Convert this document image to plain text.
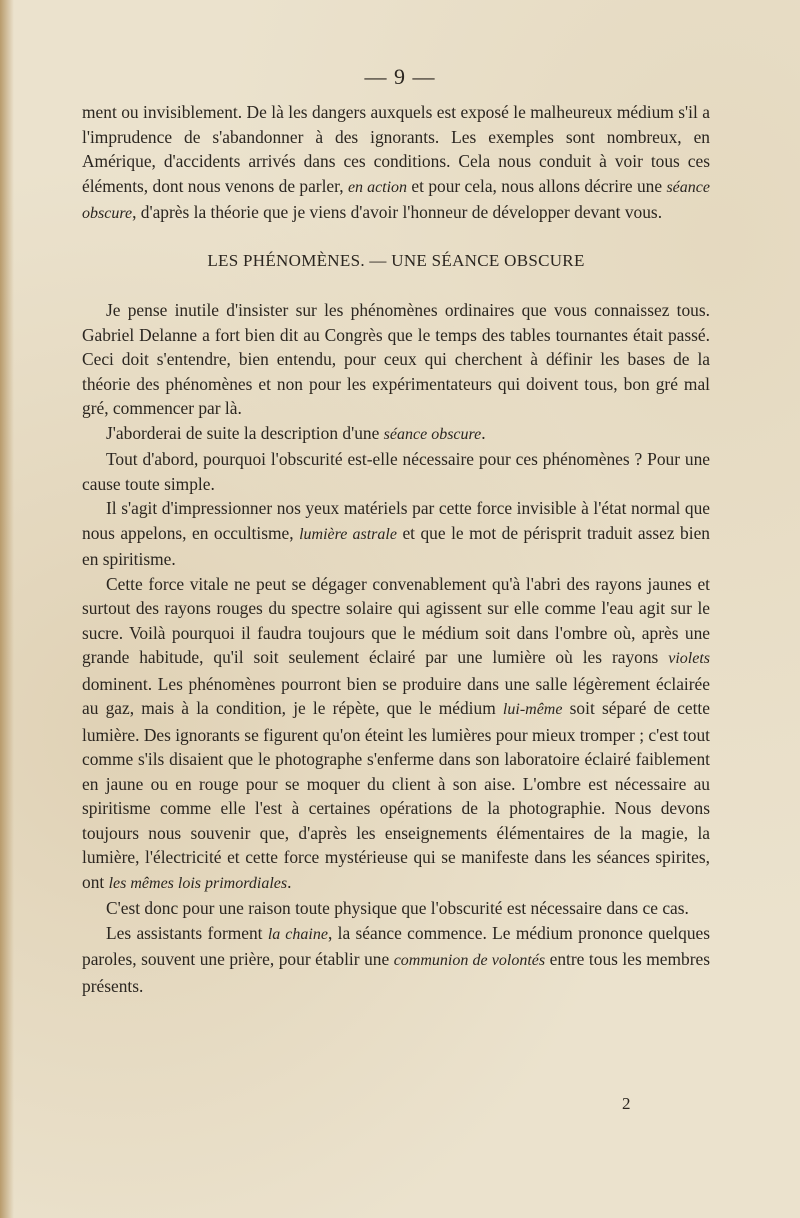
— 9 —

ment ou invisiblement. De là les dangers auxquels est exposé le malheureux médium s'il a l'imprudence de s'abandonner à des ignorants. Les exemples sont nombreux, en Amérique, d'accidents arrivés dans ces conditions. Cela nous conduit à voir tous ces éléments, dont nous venons de parler, en action et pour cela, nous allons décrire une séance obscure, d'après la théorie que je viens d'avoir l'honneur de développer devant vous.

LES PHÉNOMÈNES. — UNE SÉANCE OBSCURE

Je pense inutile d'insister sur les phénomènes ordinaires que vous connaissez tous. Gabriel Delanne a fort bien dit au Congrès que le temps des tables tournantes était passé. Ceci doit s'entendre, bien entendu, pour ceux qui cherchent à définir les bases de la théorie des phénomènes et non pour les expérimentateurs qui doivent tous, bon gré mal gré, commencer par là.

J'aborderai de suite la description d'une séance obscure.

Tout d'abord, pourquoi l'obscurité est-elle nécessaire pour ces phénomènes ? Pour une cause toute simple.

Il s'agit d'impressionner nos yeux matériels par cette force invisible à l'état normal que nous appelons, en occultisme, lumière astrale et que le mot de périsprit traduit assez bien en spiritisme.

Cette force vitale ne peut se dégager convenablement qu'à l'abri des rayons jaunes et surtout des rayons rouges du spectre solaire qui agissent sur elle comme l'eau agit sur le sucre. Voilà pourquoi il faudra toujours que le médium soit dans l'ombre où, après une grande habitude, qu'il soit seulement éclairé par une lumière où les rayons violets dominent. Les phénomènes pourront bien se produire dans une salle légèrement éclairée au gaz, mais à la condition, je le répète, que le médium lui-même soit séparé de cette lumière. Des ignorants se figurent qu'on éteint les lumières pour mieux tromper ; c'est tout comme s'ils disaient que le photographe s'enferme dans son laboratoire éclairé faiblement en jaune ou en rouge pour se moquer du client à son aise. L'ombre est nécessaire au spiritisme comme elle l'est à certaines opérations de la photographie. Nous devons toujours nous souvenir que, d'après les enseignements élémentaires de la magie, la lumière, l'électricité et cette force mystérieuse qui se manifeste dans les séances spirites, ont les mêmes lois primordiales.

C'est donc pour une raison toute physique que l'obscurité est nécessaire dans ce cas.

Les assistants forment la chaine, la séance commence. Le médium prononce quelques paroles, souvent une prière, pour établir une communion de volontés entre tous les membres présents.

2
